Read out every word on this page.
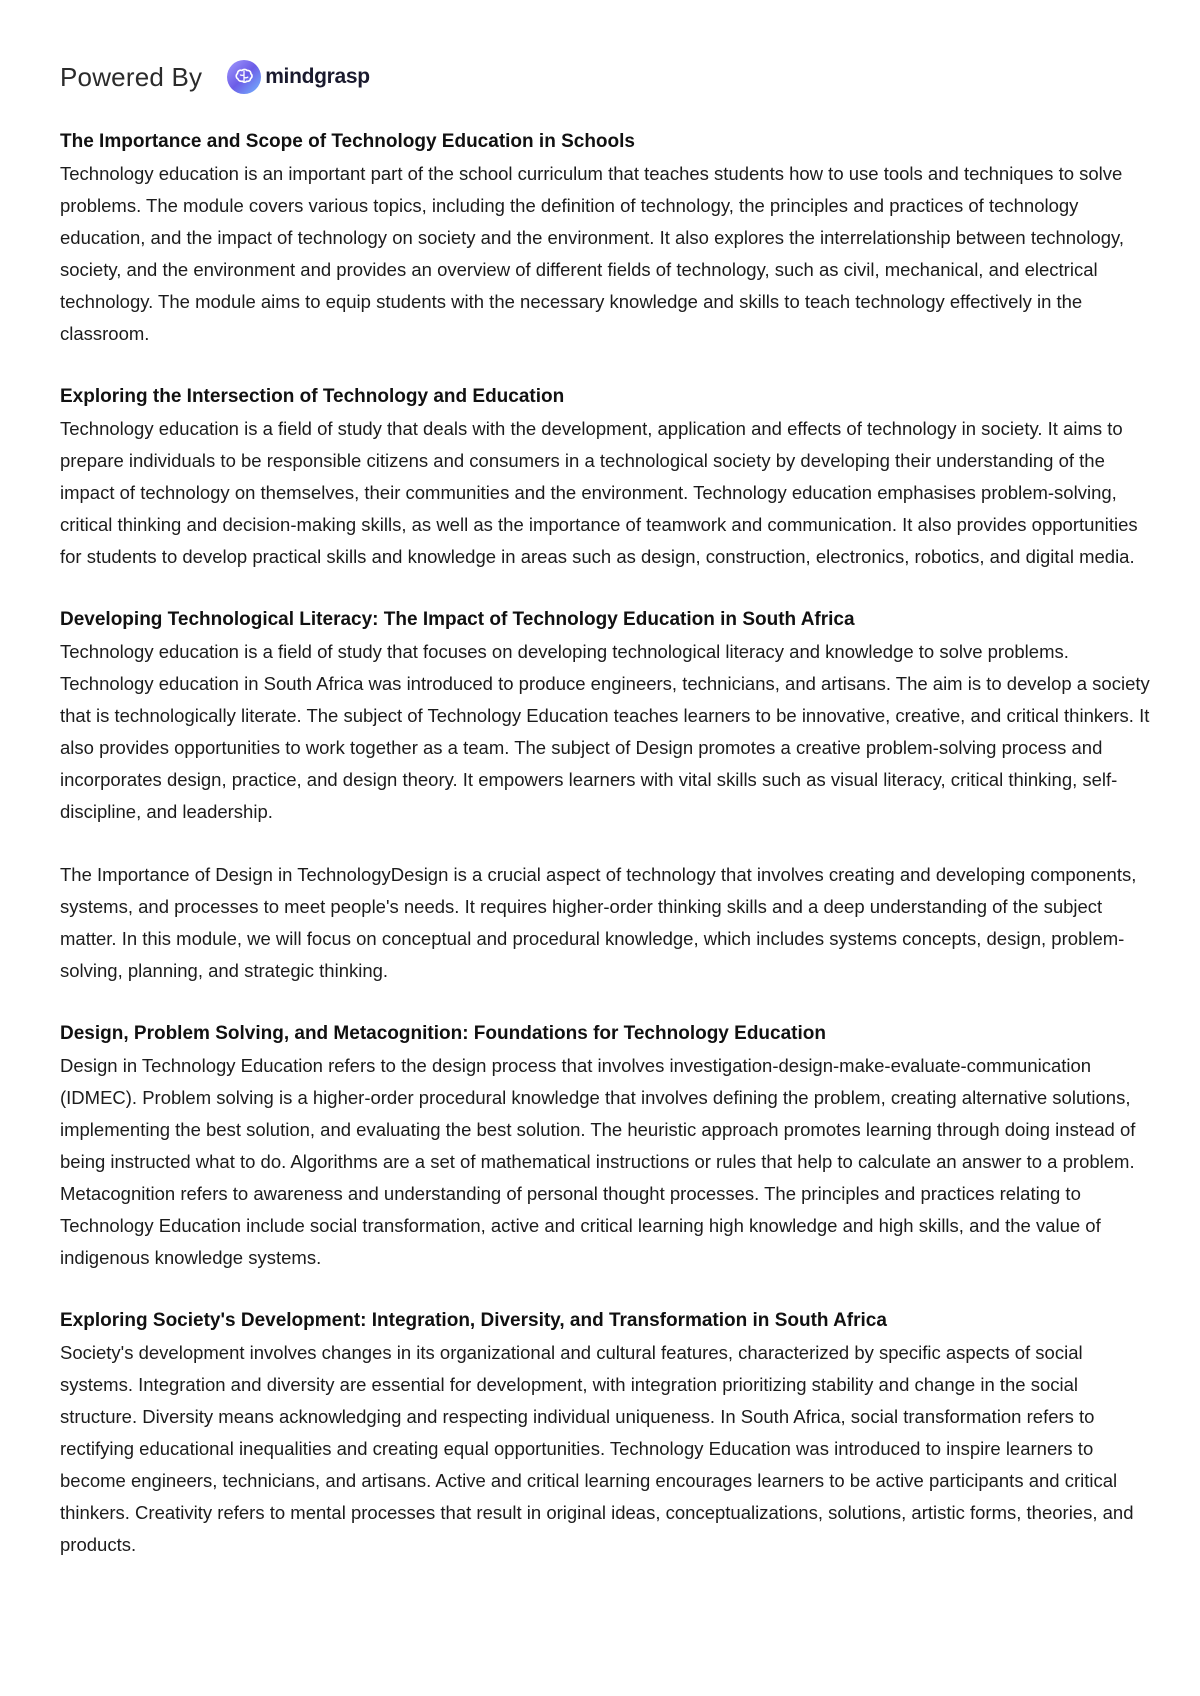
Powered By	mindgrasp
The Importance and Scope of Technology Education in Schools

Technology education is an important part of the school curriculum that teaches students how to use tools and techniques to solve problems. The module covers various topics, including the definition of technology, the principles and practices of technology education, and the impact of technology on society and the environment. It also explores the interrelationship between technology, society, and the environment and provides an overview of different fields of technology, such as civil, mechanical, and electrical technology. The module aims to equip students with the necessary knowledge and skills to teach technology effectively in the classroom.

Exploring the Intersection of Technology and Education

Technology education is a field of study that deals with the development, application and effects of technology in society. It aims to prepare individuals to be responsible citizens and consumers in a technological society by developing their understanding of the impact of technology on themselves, their communities and the environment. Technology education emphasises problem-solving, critical thinking and decision-making skills, as well as the importance of teamwork and communication. It also provides opportunities for students to develop practical skills and knowledge in areas such as design, construction, electronics, robotics, and digital media.

Developing Technological Literacy: The Impact of Technology Education in South Africa

Technology education is a field of study that focuses on developing technological literacy and knowledge to solve problems. Technology education in South Africa was introduced to produce engineers, technicians, and artisans. The aim is to develop a society that is technologically literate. The subject of Technology Education teaches learners to be innovative, creative, and critical thinkers. It also provides opportunities to work together as a team. The subject of Design promotes a creative problem-solving process and incorporates design, practice, and design theory. It empowers learners with vital skills such as visual literacy, critical thinking, self-discipline, and leadership.

The Importance of Design in TechnologyDesign is a crucial aspect of technology that involves creating and developing components, systems, and processes to meet people's needs. It requires higher-order thinking skills and a deep understanding of the subject matter. In this module, we will focus on conceptual and procedural knowledge, which includes systems concepts, design, problem-solving, planning, and strategic thinking.

Design, Problem Solving, and Metacognition: Foundations for Technology Education

Design in Technology Education refers to the design process that involves investigation-design-make-evaluate-communication (IDMEC). Problem solving is a higher-order procedural knowledge that involves defining the problem, creating alternative solutions, implementing the best solution, and evaluating the best solution. The heuristic approach promotes learning through doing instead of being instructed what to do. Algorithms are a set of mathematical instructions or rules that help to calculate an answer to a problem. Metacognition refers to awareness and understanding of personal thought processes. The principles and practices relating to Technology Education include social transformation, active and critical learning high knowledge and high skills, and the value of indigenous knowledge systems.

Exploring Society's Development: Integration, Diversity, and Transformation in South Africa

Society's development involves changes in its organizational and cultural features, characterized by specific aspects of social systems. Integration and diversity are essential for development, with integration prioritizing stability and change in the social structure. Diversity means acknowledging and respecting individual uniqueness. In South Africa, social transformation refers to rectifying educational inequalities and creating equal opportunities. Technology Education was introduced to inspire learners to become engineers, technicians, and artisans. Active and critical learning encourages learners to be active participants and critical thinkers. Creativity refers to mental processes that result in original ideas, conceptualizations, solutions, artistic forms, theories, and products.
